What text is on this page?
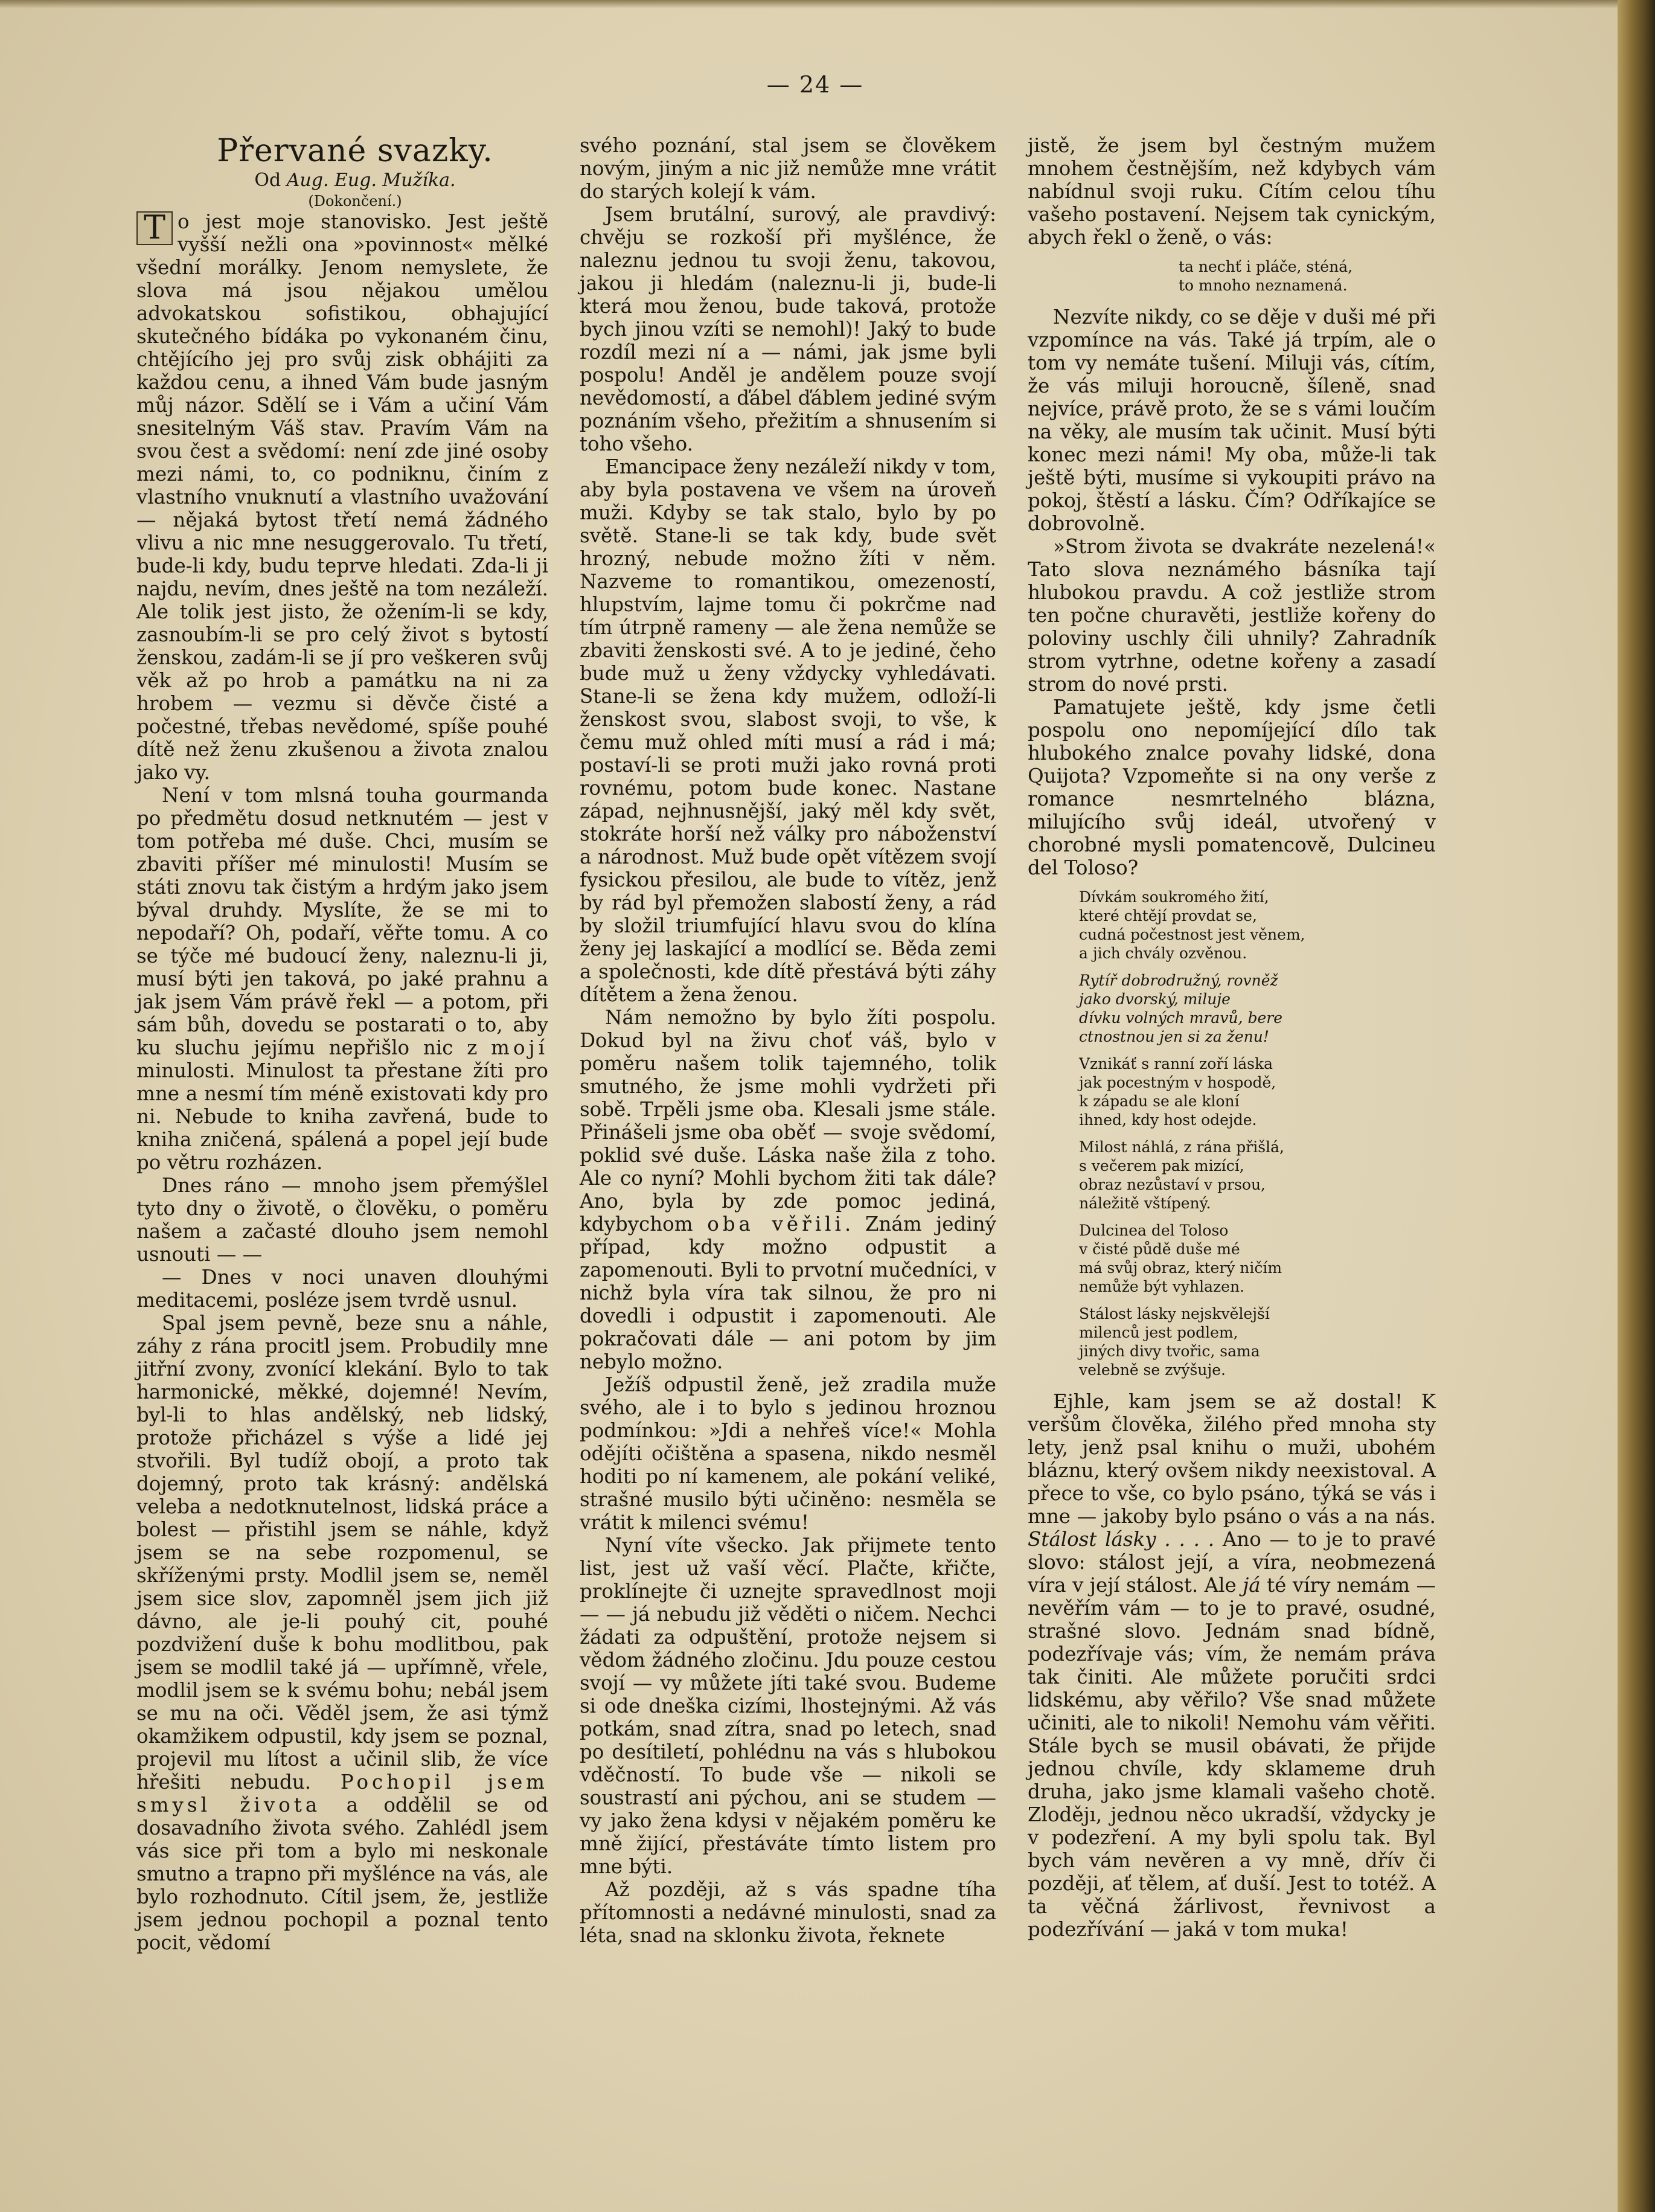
— 24 —

Přervané svazky.

Od Aug. Eug. Mužíka.

(Dokončení.)

T o jest moje stanovisko. Jest ještě vyšší nežli ona »povinnost« mělké všední morálky. Jenom nemyslete, že slova má jsou nějakou umělou advokatskou sofistikou, obhajující skutečného bídáka po vykonaném činu, chtějícího jej pro svůj zisk obhájiti za každou cenu, a ihned Vám bude jasným můj názor. Sdělí se i Vám a učiní Vám snesitelným Váš stav. Pravím Vám na svou čest a svědomí: není zde jiné osoby mezi námi, to, co podniknu, činím z vlastního vnuknutí a vlastního uvažování — nějaká bytost třetí nemá žádného vlivu a nic mne nesuggerovalo. Tu třetí, bude-li kdy, budu teprve hledati. Zda-li ji najdu, nevím, dnes ještě na tom nezáleží. Ale tolik jest jisto, že ožením-li se kdy, zasnoubím-li se pro celý život s bytostí ženskou, zadám-li se jí pro veškeren svůj věk až po hrob a památku na ni za hrobem — vezmu si děvče čisté a počestné, třebas nevědomé, spíše pouhé dítě než ženu zkušenou a života znalou jako vy.

Není v tom mlsná touha gourmanda po předmětu dosud netknutém — jest v tom potřeba mé duše. Chci, musím se zbaviti příšer mé minulosti! Musím se státi znovu tak čistým a hrdým jako jsem býval druhdy. Myslíte, že se mi to nepodaří? Oh, podaří, věřte tomu. A co se týče mé budoucí ženy, naleznu-li ji, musí býti jen taková, po jaké prahnu a jak jsem Vám právě řekl — a potom, při sám bůh, dovedu se postarati o to, aby ku sluchu jejímu nepřišlo nic z mojí minulosti. Minulost ta přestane žíti pro mne a nesmí tím méně existovati kdy pro ni. Nebude to kniha zavřená, bude to kniha zničená, spálená a popel její bude po větru rozházen.

Dnes ráno — mnoho jsem přemýšlel tyto dny o životě, o člověku, o poměru našem a začasté dlouho jsem nemohl usnouti — —

— Dnes v noci unaven dlouhými meditacemi, posléze jsem tvrdě usnul.

Spal jsem pevně, beze snu a náhle, záhy z rána procitl jsem. Probudily mne jitřní zvony, zvonící klekání. Bylo to tak harmonické, měkké, dojemné! Nevím, byl-li to hlas andělský, neb lidský, protože přicházel s výše a lidé jej stvořili. Byl tudíž obojí, a proto tak dojemný, proto tak krásný: andělská veleba a nedotknutelnost, lidská práce a bolest — přistihl jsem se náhle, když jsem se na sebe rozpomenul, se skříženými prsty. Modlil jsem se, neměl jsem sice slov, zapomněl jsem jich již dávno, ale je-li pouhý cit, pouhé pozdvižení duše k bohu modlitbou, pak jsem se modlil také já — upřímně, vřele, modlil jsem se k svému bohu; nebál jsem se mu na oči. Věděl jsem, že asi týmž okamžikem odpustil, kdy jsem se poznal, projevil mu lítost a učinil slib, že více hřešiti nebudu. Pochopil jsem smysl života a oddělil se od dosavadního života svého. Zahlédl jsem vás sice při tom a bylo mi neskonale smutno a trapno při myšlénce na vás, ale bylo rozhodnuto. Cítil jsem, že, jestliže jsem jednou pochopil a poznal tento pocit, vědomí

svého poznání, stal jsem se člověkem novým, jiným a nic již nemůže mne vrátit do starých kolejí k vám.

Jsem brutální, surový, ale pravdivý: chvěju se rozkoší při myšlénce, že naleznu jednou tu svoji ženu, takovou, jakou ji hledám (naleznu-li ji, bude-li která mou ženou, bude taková, protože bych jinou vzíti se nemohl)! Jaký to bude rozdíl mezi ní a — námi, jak jsme byli pospolu! Anděl je andělem pouze svojí nevědomostí, a ďábel ďáblem jediné svým poznáním všeho, přežitím a shnusením si toho všeho.

Emancipace ženy nezáleží nikdy v tom, aby byla postavena ve všem na úroveň muži. Kdyby se tak stalo, bylo by po světě. Stane-li se tak kdy, bude svět hrozný, nebude možno žíti v něm. Nazveme to romantikou, omezeností, hlupstvím, lajme tomu či pokrčme nad tím útrpně rameny — ale žena nemůže se zbaviti ženskosti své. A to je jediné, čeho bude muž u ženy vždycky vyhledávati. Stane-li se žena kdy mužem, odloží-li ženskost svou, slabost svoji, to vše, k čemu muž ohled míti musí a rád i má; postaví-li se proti muži jako rovná proti rovnému, potom bude konec. Nastane západ, nejhnusnější, jaký měl kdy svět, stokráte horší než války pro náboženství a národnost. Muž bude opět vítězem svojí fysickou přesilou, ale bude to vítěz, jenž by rád byl přemožen slabostí ženy, a rád by složil triumfující hlavu svou do klína ženy jej laskající a modlící se. Běda zemi a společnosti, kde dítě přestává býti záhy dítětem a žena ženou.

Nám nemožno by bylo žíti pospolu. Dokud byl na živu choť váš, bylo v poměru našem tolik tajemného, tolik smutného, že jsme mohli vydržeti při sobě. Trpěli jsme oba. Klesali jsme stále. Přinášeli jsme oba oběť — svoje svědomí, poklid své duše. Láska naše žila z toho. Ale co nyní? Mohli bychom žiti tak dále? Ano, byla by zde pomoc jediná, kdybychom oba věřili. Znám jediný případ, kdy možno odpustit a zapomenouti. Byli to prvotní mučedníci, v nichž byla víra tak silnou, že pro ni dovedli i odpustit i zapomenouti. Ale pokračovati dále — ani potom by jim nebylo možno.

Ježíš odpustil ženě, jež zradila muže svého, ale i to bylo s jedinou hroznou podmínkou: »Jdi a nehřeš více!« Mohla odějíti očištěna a spasena, nikdo nesměl hoditi po ní kamenem, ale pokání veliké, strašné musilo býti učiněno: nesměla se vrátit k milenci svému!

Nyní víte všecko. Jak přijmete tento list, jest už vaší věcí. Plačte, křičte, proklínejte či uznejte spravedlnost moji — — já nebudu již věděti o ničem. Nechci žádati za odpuštění, protože nejsem si vědom žádného zločinu. Jdu pouze cestou svojí — vy můžete jíti také svou. Budeme si ode dneška cizími, lhostejnými. Až vás potkám, snad zítra, snad po letech, snad po desítiletí, pohlédnu na vás s hlubokou vděčností. To bude vše — nikoli se soustrastí ani pýchou, ani se studem — vy jako žena kdysi v nějakém poměru ke mně žijící, přestáváte tímto listem pro mne býti.

Až později, až s vás spadne tíha přítomnosti a nedávné minulosti, snad za léta, snad na sklonku života, řeknete

jistě, že jsem byl čestným mužem mnohem čestnějším, než kdybych vám nabídnul svoji ruku. Cítím celou tíhu vašeho postavení. Nejsem tak cynickým, abych řekl o ženě, o vás:

ta nechť i pláče, sténá,
to mnoho neznamená.

Nezvíte nikdy, co se děje v duši mé při vzpomínce na vás. Také já trpím, ale o tom vy nemáte tušení. Miluji vás, cítím, že vás miluji horoucně, šíleně, snad nejvíce, právě proto, že se s vámi loučím na věky, ale musím tak učinit. Musí býti konec mezi námi! My oba, může-li tak ještě býti, musíme si vykoupiti právo na pokoj, štěstí a lásku. Čím? Odříkajíce se dobrovolně.

»Strom života se dvakráte nezelená!« Tato slova neznámého básníka tají hlubokou pravdu. A což jestliže strom ten počne churavěti, jestliže kořeny do polovinу uschly čili uhnily? Zahradník strom vytrhne, odetne kořeny a zasadí strom do nové prsti.

Pamatujete ještě, kdy jsme četli pospolu ono nepomíjející dílo tak hlubokého znalce povahy lidské, dona Quijota? Vzpomeňte si na ony verše z romance nesmrtelného blázna, milujícího svůj ideál, utvořený v chorobné mysli pomatencově, Dulcineu del Toloso?

Dívkám soukromého žití,
které chtějí provdat se,
cudná počestnost jest věnem,
a jich chvály ozvěnou.
Rytíř dobrodružný, rovněž
jako dvorský, miluje
dívku volných mravů, bere
ctnostnou jen si za ženu!
Vznikáť s ranní zoří láska
jak pocestným v hospodě,
k západu se ale kloní
ihned, kdy host odejde.
Milost náhlá, z rána přišlá,
s večerem pak mizící,
obraz nezůstaví v prsou,
náležitě vštípený.
Dulcinea del Toloso
v čisté půdě duše mé
má svůj obraz, který ničím
nemůže být vyhlazen.
Stálost lásky nejskvělejší
milenců jest podlem,
jiných divy tvořic, sama
velebně se zvýšuje.

Ejhle, kam jsem se až dostal! K veršům člověka, žilého před mnoha sty lety, jenž psal knihu o muži, ubohém bláznu, který ovšem nikdy neexistoval. A přece to vše, co bylo psáno, týká se vás i mne — jakoby bylo psáno o vás a na nás. Stálost lásky . . . . Ano — to je to pravé slovo: stálost její, a víra, neobmezená víra v její stálost. Ale já té víry nemám — nevěřím vám — to je to pravé, osudné, strašné slovo. Jednám snad bídně, podezřívaje vás; vím, že nemám práva tak činiti. Ale můžete poručiti srdci lidskému, aby věřilo? Vše snad můžete učiniti, ale to nikoli! Nemohu vám věřiti. Stále bych se musil obávati, že přijde jednou chvíle, kdy sklameme druh druha, jako jsme klamali vašeho chotě. Zlodějı, jednou něco ukradší, vždycky je v podezření. A my byli spolu tak. Byl bych vám nevěren a vy mně, dřív či později, ať tělem, ať duší. Jest to totéž. A ta věčná žárlivost, řevnivost a podezřívání — jaká v tom muka!
